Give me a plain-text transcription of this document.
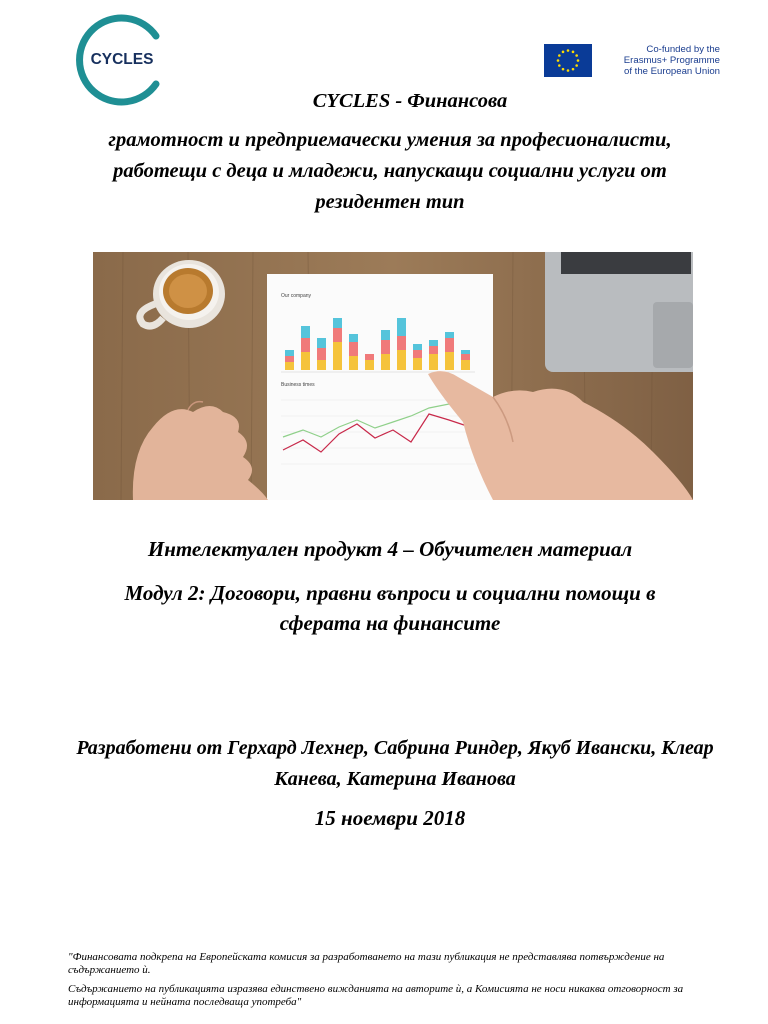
CYCLES
Co-funded by the
Erasmus+ Programme
of the European Union
CYCLES - Финансова
грамотност и предприемачески умения за професионалисти, работещи с деца и младежи, напускащи социални услуги от резидентен тип
Our company
Business times
Интелектуален продукт 4 – Обучителен материал
Модул 2: Договори, правни въпроси и социални помощи в сферата на финансите
Разработени от Герхард Лехнер, Сабрина Риндер, Якуб Ивански, Клеар Канева, Катерина Иванова
15 ноември 2018

"Финансовата подкрепа на Европейската комисия за разработването на тази публикация не представлява потвърждение на съдържанието ѝ.

Съдържанието на публикацията изразява единствено вижданията на авторите ѝ, а Комисията не носи никаква отговорност за информацията и нейната последваща употреба"
